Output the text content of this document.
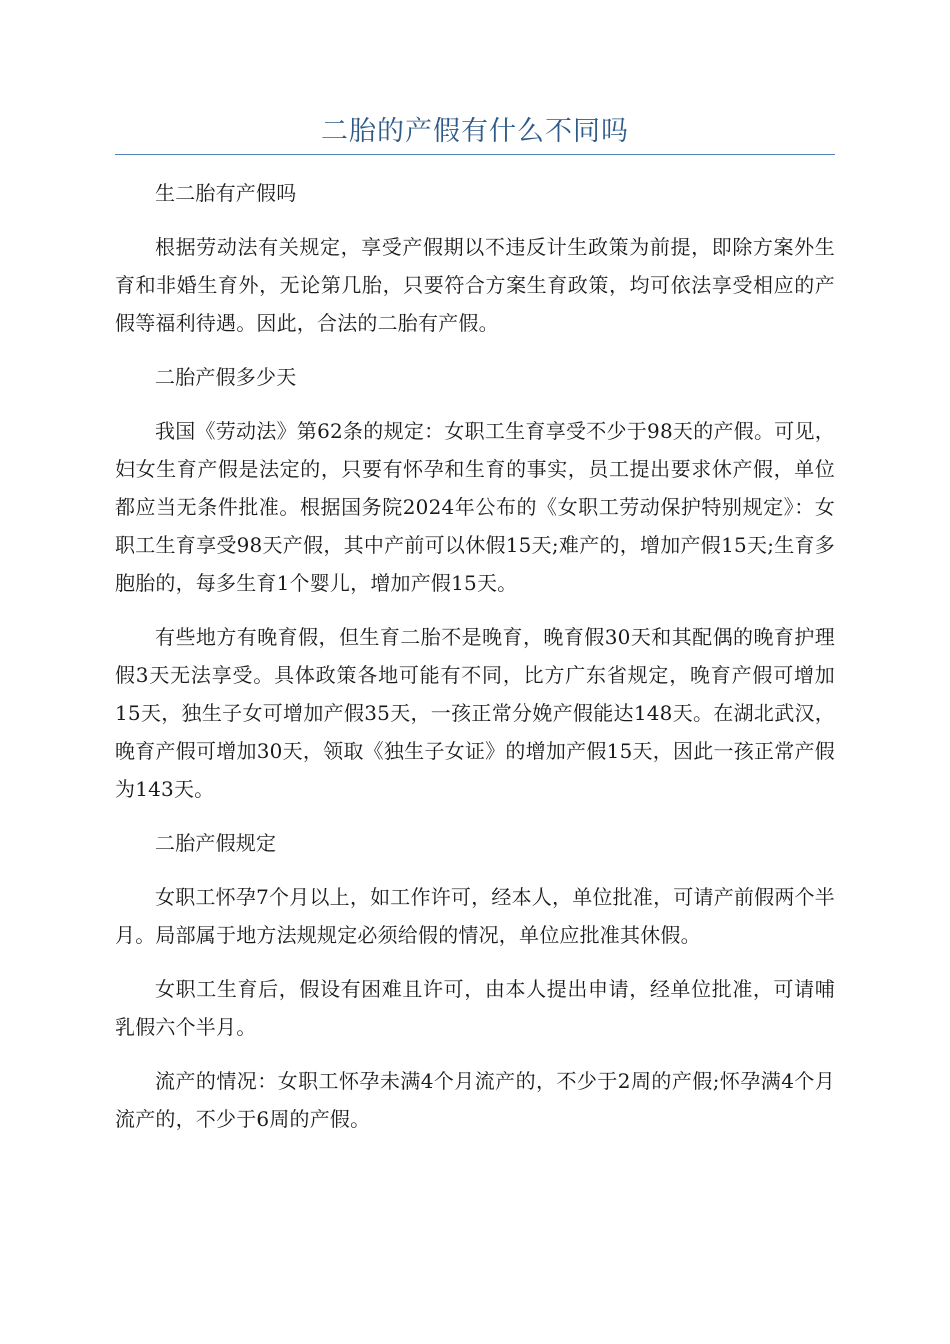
二胎的产假有什么不同吗

生二胎有产假吗

根据劳动法有关规定，享受产假期以不违反计生政策为前提，即除方案外生育和非婚生育外，无论第几胎，只要符合方案生育政策，均可依法享受相应的产假等福利待遇。因此，合法的二胎有产假。

二胎产假多少天

我国《劳动法》第62条的规定：女职工生育享受不少于98天的产假。可见，妇女生育产假是法定的，只要有怀孕和生育的事实，员工提出要求休产假，单位都应当无条件批准。根据国务院2024年公布的《女职工劳动保护特别规定》：女职工生育享受98天产假，其中产前可以休假15天;难产的，增加产假15天;生育多胞胎的，每多生育1个婴儿，增加产假15天。

有些地方有晚育假，但生育二胎不是晚育，晚育假30天和其配偶的晚育护理假3天无法享受。具体政策各地可能有不同，比方广东省规定，晚育产假可增加15天，独生子女可增加产假35天，一孩正常分娩产假能达148天。在湖北武汉，晚育产假可增加30天，领取《独生子女证》的增加产假15天，因此一孩正常产假为143天。

二胎产假规定

女职工怀孕7个月以上，如工作许可，经本人，单位批准，可请产前假两个半月。局部属于地方法规规定必须给假的情况，单位应批准其休假。

女职工生育后，假设有困难且许可，由本人提出申请，经单位批准，可请哺乳假六个半月。

流产的情况：女职工怀孕未满4个月流产的，不少于2周的产假;怀孕满4个月流产的，不少于6周的产假。
